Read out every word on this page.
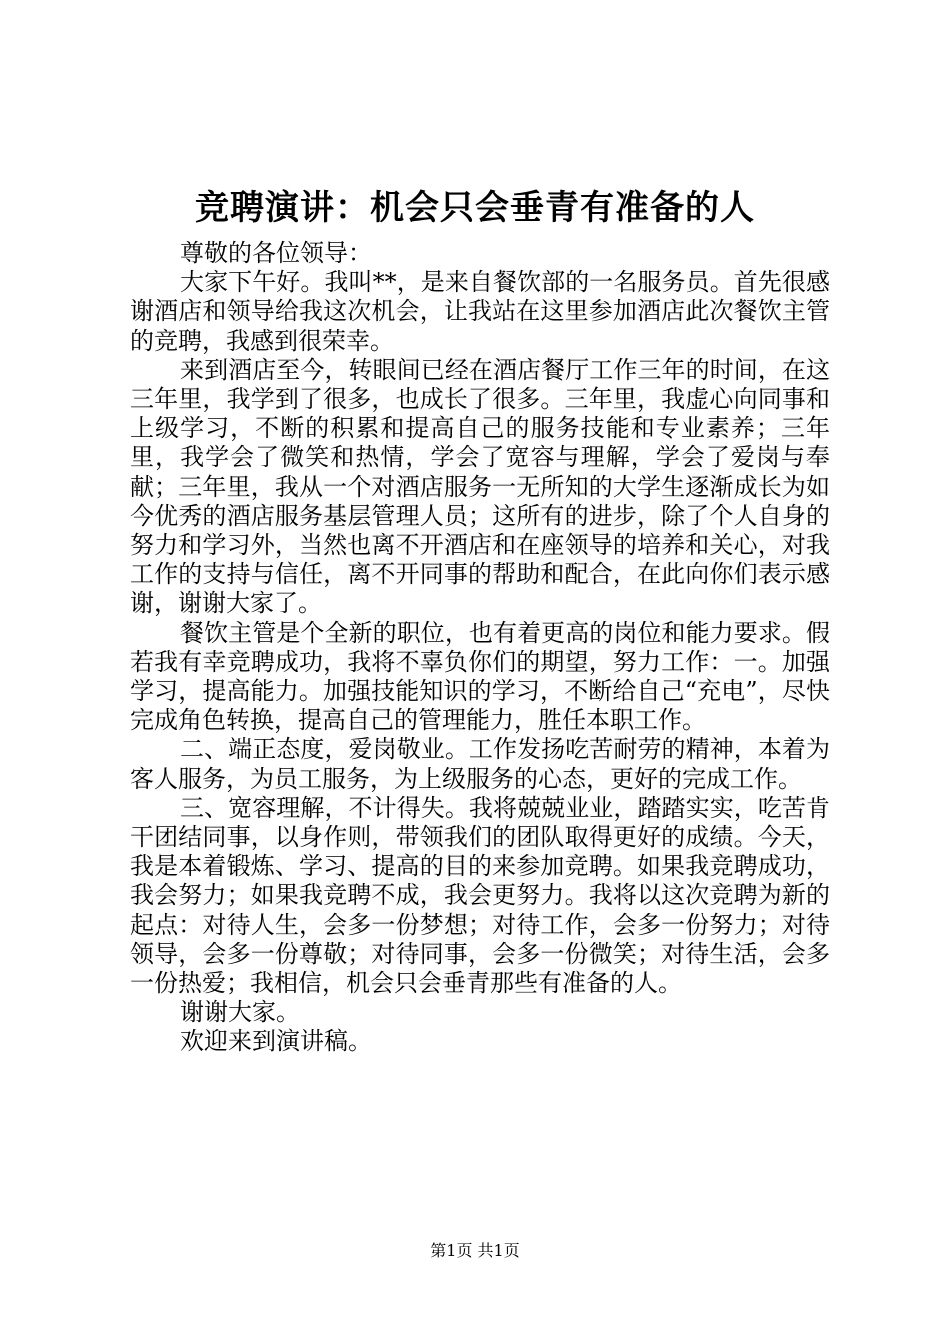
竞聘演讲：机会只会垂青有准备的人

尊敬的各位领导：

大家下午好。我叫**，是来自餐饮部的一名服务员。首先很感谢酒店和领导给我这次机会，让我站在这里参加酒店此次餐饮主管的竞聘，我感到很荣幸。

来到酒店至今，转眼间已经在酒店餐厅工作三年的时间，在这三年里，我学到了很多，也成长了很多。三年里，我虚心向同事和上级学习，不断的积累和提高自己的服务技能和专业素养；三年里，我学会了微笑和热情，学会了宽容与理解，学会了爱岗与奉献；三年里，我从一个对酒店服务一无所知的大学生逐渐成长为如今优秀的酒店服务基层管理人员；这所有的进步，除了个人自身的努力和学习外，当然也离不开酒店和在座领导的培养和关心，对我工作的支持与信任，离不开同事的帮助和配合，在此向你们表示感谢，谢谢大家了。

餐饮主管是个全新的职位，也有着更高的岗位和能力要求。假若我有幸竞聘成功，我将不辜负你们的期望，努力工作：一。加强学习，提高能力。加强技能知识的学习，不断给自己“充电”，尽快完成角色转换，提高自己的管理能力，胜任本职工作。

二、端正态度，爱岗敬业。工作发扬吃苦耐劳的精神，本着为客人服务，为员工服务，为上级服务的心态，更好的完成工作。

三、宽容理解，不计得失。我将兢兢业业，踏踏实实，吃苦肯干团结同事，以身作则，带领我们的团队取得更好的成绩。今天，我是本着锻炼、学习、提高的目的来参加竞聘。如果我竞聘成功，我会努力；如果我竞聘不成，我会更努力。我将以这次竞聘为新的起点：对待人生，会多一份梦想；对待工作，会多一份努力；对待领导，会多一份尊敬；对待同事，会多一份微笑；对待生活，会多一份热爱；我相信，机会只会垂青那些有准备的人。

谢谢大家。

欢迎来到演讲稿。

第1页 共1页
